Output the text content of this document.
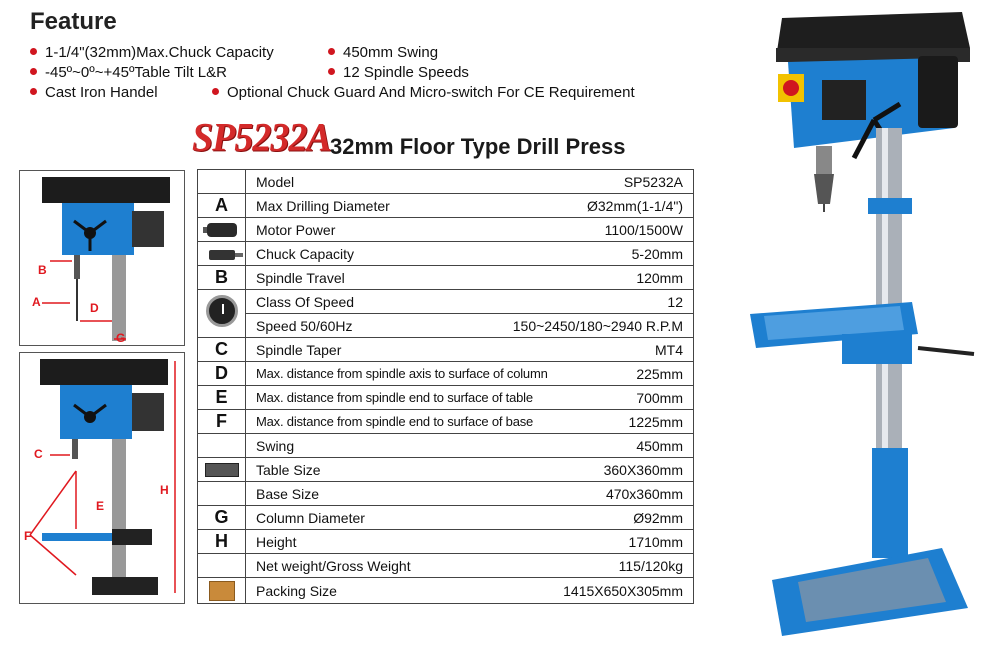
Feature
1-1/4"(32mm)Max.Chuck Capacity	450mm Swing
-45º~0º~+45ºTable Tilt L&R	12 Spindle Speeds
Cast Iron Handel	Optional Chuck Guard And Micro-switch For CE Requirement
SP5232A 32mm Floor Type Drill Press
B
A	D
G
C
E
F
H

	Model SP5232A

A	Max Drilling Diameter Ø32mm(1-1/4")

	Motor Power 1100/1500W

	Chuck Capacity 5-20mm

B	Spindle Travel 120mm

	Class Of Speed 12

	Speed 50/60Hz 150~2450/180~2940 R.P.M

C	Spindle Taper MT4

D	Max. distance from spindle axis to surface of column 225mm

E	Max. distance from spindle end to surface of table 700mm

F	Max. distance from spindle end to surface of base 1225mm

	Swing 450mm

	Table Size 360X360mm

	Base Size 470x360mm

G	Column Diameter Ø92mm

H	Height 1710mm

	Net weight/Gross Weight 115/120kg

	Packing Size 1415X650X305mm
